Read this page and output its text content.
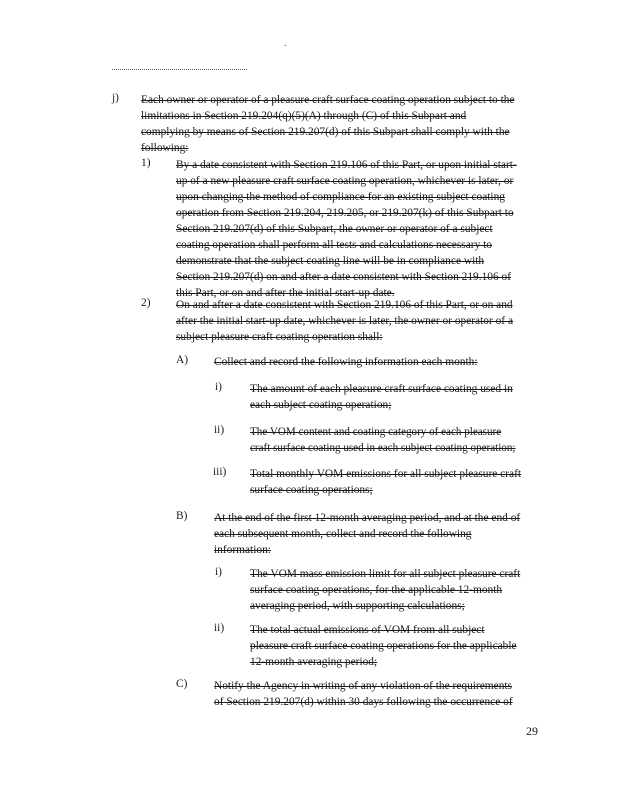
.
j) Each owner or operator of a pleasure craft surface coating operation subject to the
limitations in Section 219.204(q)(5)(A) through (C) of this Subpart and
complying by means of Section 219.207(d) of this Subpart shall comply with the
following:
1) By a date consistent with Section 219.106 of this Part, or upon initial start-
up of a new pleasure craft surface coating operation, whichever is later, or
upon changing the method of compliance for an existing subject coating
operation from Section 219.204, 219.205, or 219.207(k) of this Subpart to
Section 219.207(d) of this Subpart, the owner or operator of a subject
coating operation shall perform all tests and calculations necessary to
demonstrate that the subject coating line will be in compliance with
Section 219.207(d) on and after a date consistent with Section 219.106 of
this Part, or on and after the initial start-up date.
2) On and after a date consistent with Section 219.106 of this Part, or on and
after the initial start-up date, whichever is later, the owner or operator of a
subject pleasure craft coating operation shall:
A) Collect and record the following information each month:
i) The amount of each pleasure craft surface coating used in
each subject coating operation;
ii) The VOM content and coating category of each pleasure
craft surface coating used in each subject coating operation;
iii) Total monthly VOM emissions for all subject pleasure craft
surface coating operations;
B) At the end of the first 12-month averaging period, and at the end of
each subsequent month, collect and record the following
information:
i) The VOM mass emission limit for all subject pleasure craft
surface coating operations, for the applicable 12-month
averaging period, with supporting calculations;
ii) The total actual emissions of VOM from all subject
pleasure craft surface coating operations for the applicable
12-month averaging period;
C) Notify the Agency in writing of any violation of the requirements
of Section 219.207(d) within 30 days following the occurrence of
29
